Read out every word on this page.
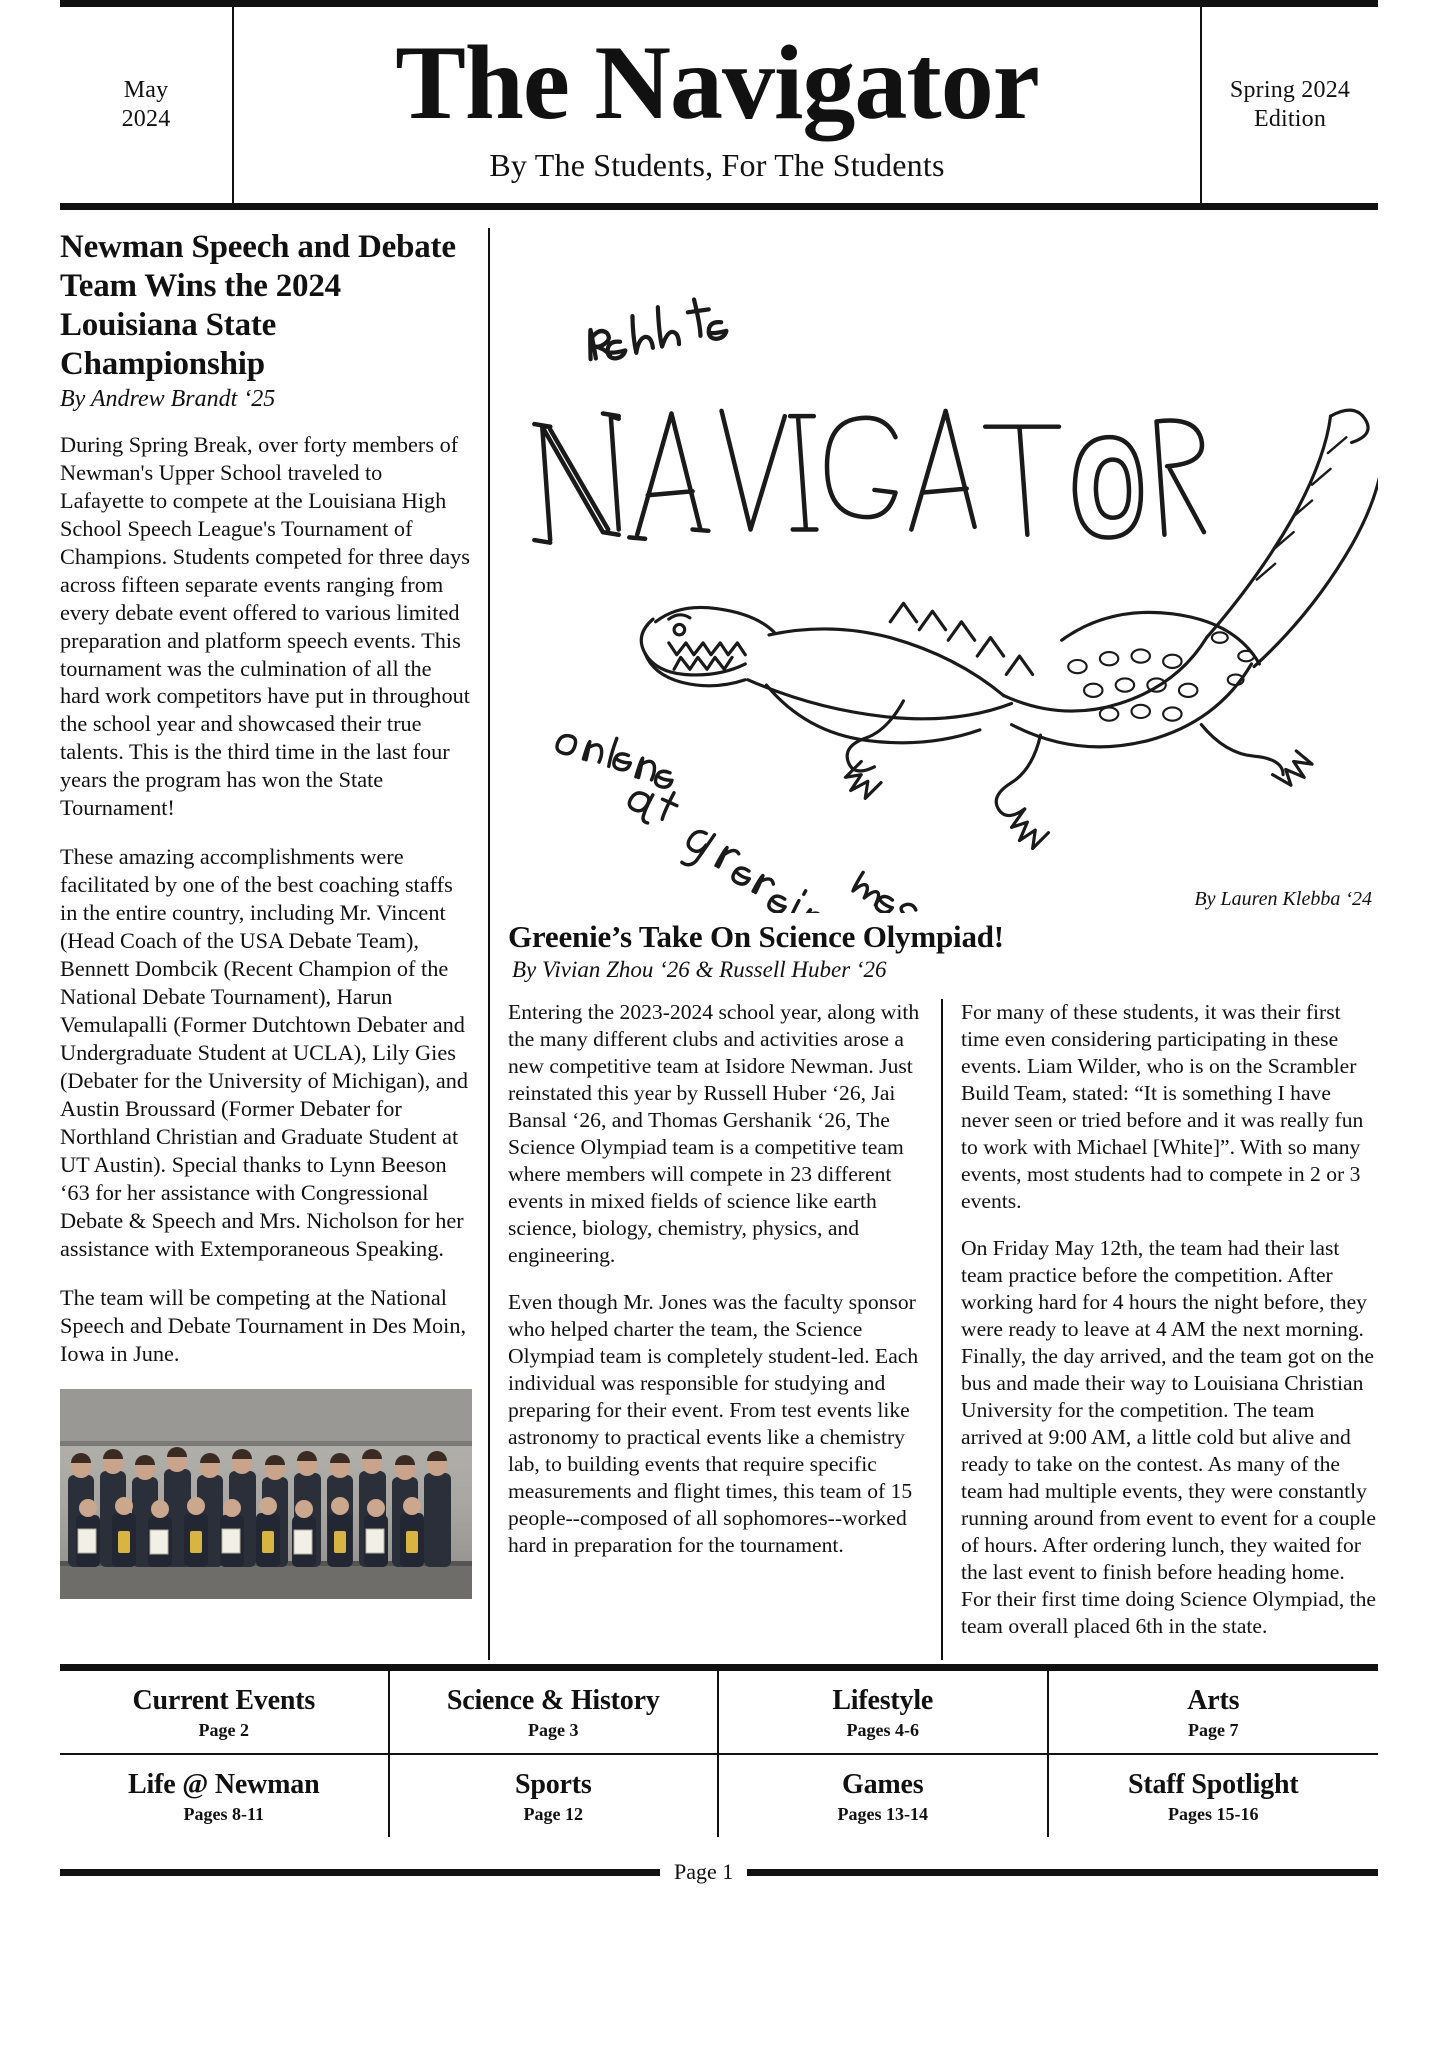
May
2024 The Navigator
By The Students, For The Students
Spring 2024
Edition
Newman Speech and Debate Team Wins the 2024 Louisiana State Championship
By Andrew Brandt ‘25

During Spring Break, over forty members of Newman's Upper School traveled to Lafayette to compete at the Louisiana High School Speech League's Tournament of Champions. Students competed for three days across fifteen separate events ranging from every debate event offered to various limited preparation and platform speech events. This tournament was the culmination of all the hard work competitors have put in throughout the school year and showcased their true talents. This is the third time in the last four years the program has won the State Tournament!

These amazing accomplishments were facilitated by one of the best coaching staffs in the entire country, including Mr. Vincent (Head Coach of the USA Debate Team), Bennett Dombcik (Recent Champion of the National Debate Tournament), Harun Vemulapalli (Former Dutchtown Debater and Undergraduate Student at UCLA), Lily Gies (Debater for the University of Michigan), and Austin Broussard (Former Debater for Northland Christian and Graduate Student at UT Austin). Special thanks to Lynn Beeson ‘63 for her assistance with Congressional Debate & Speech and Mrs. Nicholson for her assistance with Extemporaneous Speaking.

The team will be competing at the National Speech and Debate Tournament in Des Moin, Iowa in June.

By Lauren Klebba ‘24
Greenie’s Take On Science Olympiad!
By Vivian Zhou ‘26 & Russell Huber ‘26

Entering the 2023-2024 school year, along with the many different clubs and activities arose a new competitive team at Isidore Newman. Just reinstated this year by Russell Huber ‘26, Jai Bansal ‘26, and Thomas Gershanik ‘26, The Science Olympiad team is a competitive team where members will compete in 23 different events in mixed fields of science like earth science, biology, chemistry, physics, and engineering.

Even though Mr. Jones was the faculty sponsor who helped charter the team, the Science Olympiad team is completely student-led. Each individual was responsible for studying and preparing for their event. From test events like astronomy to practical events like a chemistry lab, to building events that require specific measurements and flight times, this team of 15 people--composed of all sophomores--worked hard in preparation for the tournament.

For many of these students, it was their first time even considering participating in these events. Liam Wilder, who is on the Scrambler Build Team, stated: “It is something I have never seen or tried before and it was really fun to work with Michael [White]”. With so many events, most students had to compete in 2 or 3 events.

On Friday May 12th, the team had their last team practice before the competition. After working hard for 4 hours the night before, they were ready to leave at 4 AM the next morning. Finally, the day arrived, and the team got on the bus and made their way to Louisiana Christian University for the competition. The team arrived at 9:00 AM, a little cold but alive and ready to take on the contest. As many of the team had multiple events, they were constantly running around from event to event for a couple of hours. After ordering lunch, they waited for the last event to finish before heading home. For their first time doing Science Olympiad, the team overall placed 6th in the state.

Current Events
Page 2
Science & History
Page 3
Lifestyle
Pages 4-6
Arts
Page 7
Life @ Newman
Pages 8-11
Sports
Page 12
Games
Pages 13-14
Staff Spotlight
Pages 15-16
Page 1
